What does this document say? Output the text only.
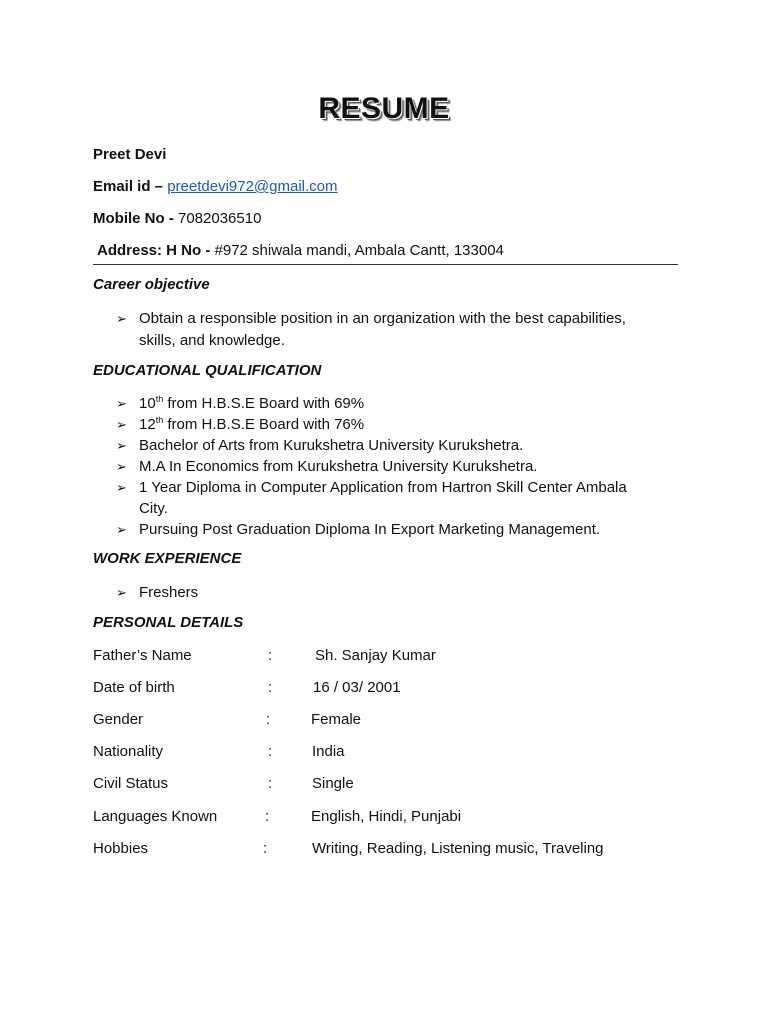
RESUME
Preet Devi
Email id – preetdevi972@gmail.com
Mobile No - 7082036510
Address: H No - #972 shiwala mandi, Ambala Cantt, 133004
Career objective
➢ Obtain a responsible position in an organization with the best capabilities, skills, and knowledge.
EDUCATIONAL QUALIFICATION
➢ 10th from H.B.S.E Board with 69%
➢ 12th from H.B.S.E Board with 76%
➢ Bachelor of Arts from Kurukshetra University Kurukshetra.
➢ M.A In Economics from Kurukshetra University Kurukshetra.
➢ 1 Year Diploma in Computer Application from Hartron Skill Center Ambala City.
➢ Pursuing Post Graduation Diploma In Export Marketing Management.
WORK EXPERIENCE
➢ Freshers
PERSONAL DETAILS
Father’s Name	:	Sh. Sanjay Kumar
Date of birth	:	16 / 03/ 2001
Gender	:	Female
Nationality	:	India
Civil Status	:	Single
Languages Known	:	English, Hindi, Punjabi
Hobbies	:	Writing, Reading, Listening music, Traveling
